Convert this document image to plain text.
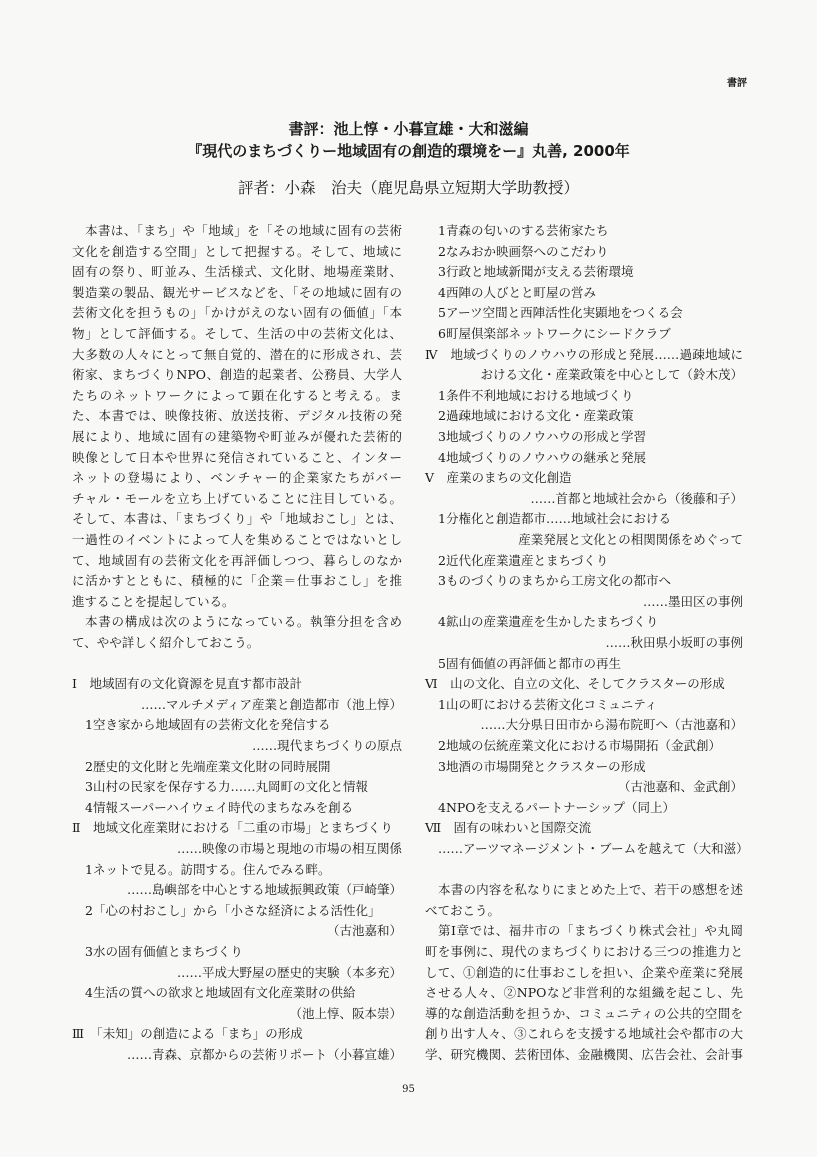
書評
書評：池上惇・小暮宣雄・大和滋編
『現代のまちづくりー地域固有の創造的環境をー』丸善, 2000年
評者：小森　治夫（鹿児島県立短期大学助教授）
本書は、「まち」や「地域」を「その地域に固有の芸術
文化を創造する空間」として把握する。そして、地域に
固有の祭り、町並み、生活様式、文化財、地場産業財、
製造業の製品、観光サービスなどを、「その地域に固有の
芸術文化を担うもの」「かけがえのない固有の価値」「本
物」として評価する。そして、生活の中の芸術文化は、
大多数の人々にとって無自覚的、潜在的に形成され、芸
術家、まちづくりNPO、創造的起業者、公務員、大学人
たちのネットワークによって顕在化すると考える。ま
た、本書では、映像技術、放送技術、デジタル技術の発
展により、地域に固有の建築物や町並みが優れた芸術的
映像として日本や世界に発信されていること、インター
ネットの登場により、ベンチャー的企業家たちがバー
チャル・モールを立ち上げていることに注目している。
そして、本書は、「まちづくり」や「地域おこし」とは、
一過性のイベントによって人を集めることではないとし
て、地域固有の芸術文化を再評価しつつ、暮らしのなか
に活かすとともに、積極的に「企業＝仕事おこし」を推
進することを提起している。
本書の構成は次のようになっている。執筆分担を含め
て、やや詳しく紹介しておこう。
Ⅰ　地域固有の文化資源を見直す都市設計
……マルチメディア産業と創造都市（池上惇）
1空き家から地域固有の芸術文化を発信する
……現代まちづくりの原点
2歴史的文化財と先端産業文化財の同時展開
3山村の民家を保存する力……丸岡町の文化と情報
4情報スーパーハイウェイ時代のまちなみを創る
Ⅱ　地域文化産業財における「二重の市場」とまちづくり
……映像の市場と現地の市場の相互関係
1ネットで見る。訪問する。住んでみる畔。
……島嶼部を中心とする地域振興政策（戸崎肇）
2「心の村おこし」から「小さな経済による活性化」
（古池嘉和）
3水の固有価値とまちづくり
……平成大野屋の歴史的実験（本多充）
4生活の質への欲求と地域固有文化産業財の供給
（池上惇、阪本崇）
Ⅲ　「未知」の創造による「まち」の形成
……青森、京都からの芸術リポート（小暮宣雄）
1青森の匂いのする芸術家たち
2なみおか映画祭へのこだわり
3行政と地域新聞が支える芸術環境
4西陣の人びとと町屋の営み
5アーツ空間と西陣活性化実顕地をつくる会
6町屋倶楽部ネットワークにシードクラブ
Ⅳ　地域づくりのノウハウの形成と発展……過疎地域に
おける文化・産業政策を中心として（鈴木茂）
1条件不利地域における地域づくり
2過疎地域における文化・産業政策
3地域づくりのノウハウの形成と学習
4地域づくりのノウハウの継承と発展
Ⅴ　産業のまちの文化創造
……首都と地域社会から（後藤和子）
1分権化と創造都市……地域社会における
産業発展と文化との相関関係をめぐって
2近代化産業遺産とまちづくり
3ものづくりのまちから工房文化の都市へ
……墨田区の事例
4鉱山の産業遺産を生かしたまちづくり
……秋田県小坂町の事例
5固有価値の再評価と都市の再生
Ⅵ　山の文化、自立の文化、そしてクラスターの形成
1山の町における芸術文化コミュニティ
……大分県日田市から湯布院町へ（古池嘉和）
2地域の伝統産業文化における市場開拓（金武創）
3地酒の市場開発とクラスターの形成
（古池嘉和、金武創）
4NPOを支えるパートナーシップ（同上）
Ⅶ　固有の味わいと国際交流
……アーツマネージメント・ブームを越えて（大和滋）
本書の内容を私なりにまとめた上で、若干の感想を述
べておこう。
第Ⅰ章では、福井市の「まちづくり株式会社」や丸岡
町を事例に、現代のまちづくりにおける三つの推進力と
して、①創造的に仕事おこしを担い、企業や産業に発展
させる人々、②NPOなど非営利的な組織を起こし、先
導的な創造活動を担うか、コミュニティの公共的空間を
創り出す人々、③これらを支援する地域社会や都市の大
学、研究機関、芸術団体、金融機関、広告会社、会計事
95
